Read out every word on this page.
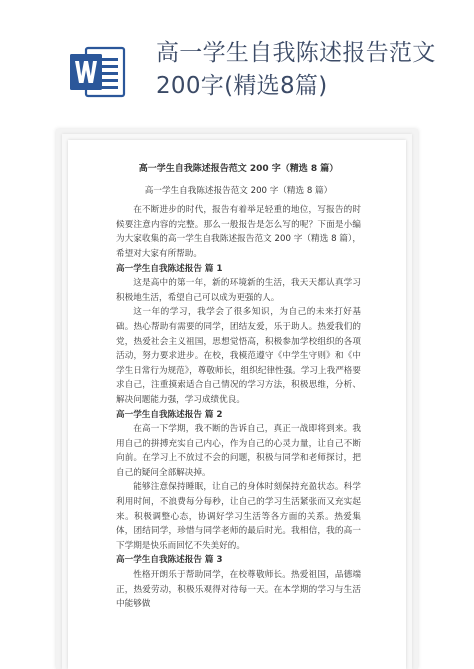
高一学生自我陈述报告范文200字(精选8篇)

高一学生自我陈述报告范文 200 字（精选 8 篇）

高一学生自我陈述报告范文 200 字（精选 8 篇）

在不断进步的时代，报告有着举足轻重的地位，写报告的时候要注意内容的完整。那么一般报告是怎么写的呢？下面是小编为大家收集的高一学生自我陈述报告范文 200 字（精选 8 篇），希望对大家有所帮助。

高一学生自我陈述报告 篇 1

这是高中的第一年，新的环境新的生活，我天天都认真学习积极地生活，希望自己可以成为更强的人。

这一年的学习，我学会了很多知识，为自己的未来打好基础。热心帮助有需要的同学，团结友爱，乐于助人。热爱我们的党，热爱社会主义祖国，思想觉悟高，积极参加学校组织的各项活动，努力要求进步。在校，我模范遵守《中学生守则》和《中学生日常行为规范》，尊敬师长，组织纪律性强。学习上我严格要求自己，注重摸索适合自己情况的学习方法，积极思维，分析、解决问题能力强，学习成绩优良。

高一学生自我陈述报告 篇 2

在高一下学期，我不断的告诉自己，真正一战即将到来。我用自己的拼搏充实自己内心，作为自己的心灵力量，让自己不断向前。在学习上不放过不会的问题，积极与同学和老师探讨，把自己的疑问全部解决掉。

能够注意保持睡眠，让自己的身体时刻保持充盈状态。科学利用时间，不浪费每分每秒，让自己的学习生活紧张而又充实起来。积极调整心态，协调好学习生活等各方面的关系。热爱集体，团结同学，珍惜与同学老师的最后时光。我相信，我的高一下学期是快乐而回忆不失美好的。

高一学生自我陈述报告 篇 3

性格开朗乐于帮助同学，在校尊敬师长。热爱祖国，品德端正，热爱劳动，积极乐观得对待每一天。在本学期的学习与生活中能够做
